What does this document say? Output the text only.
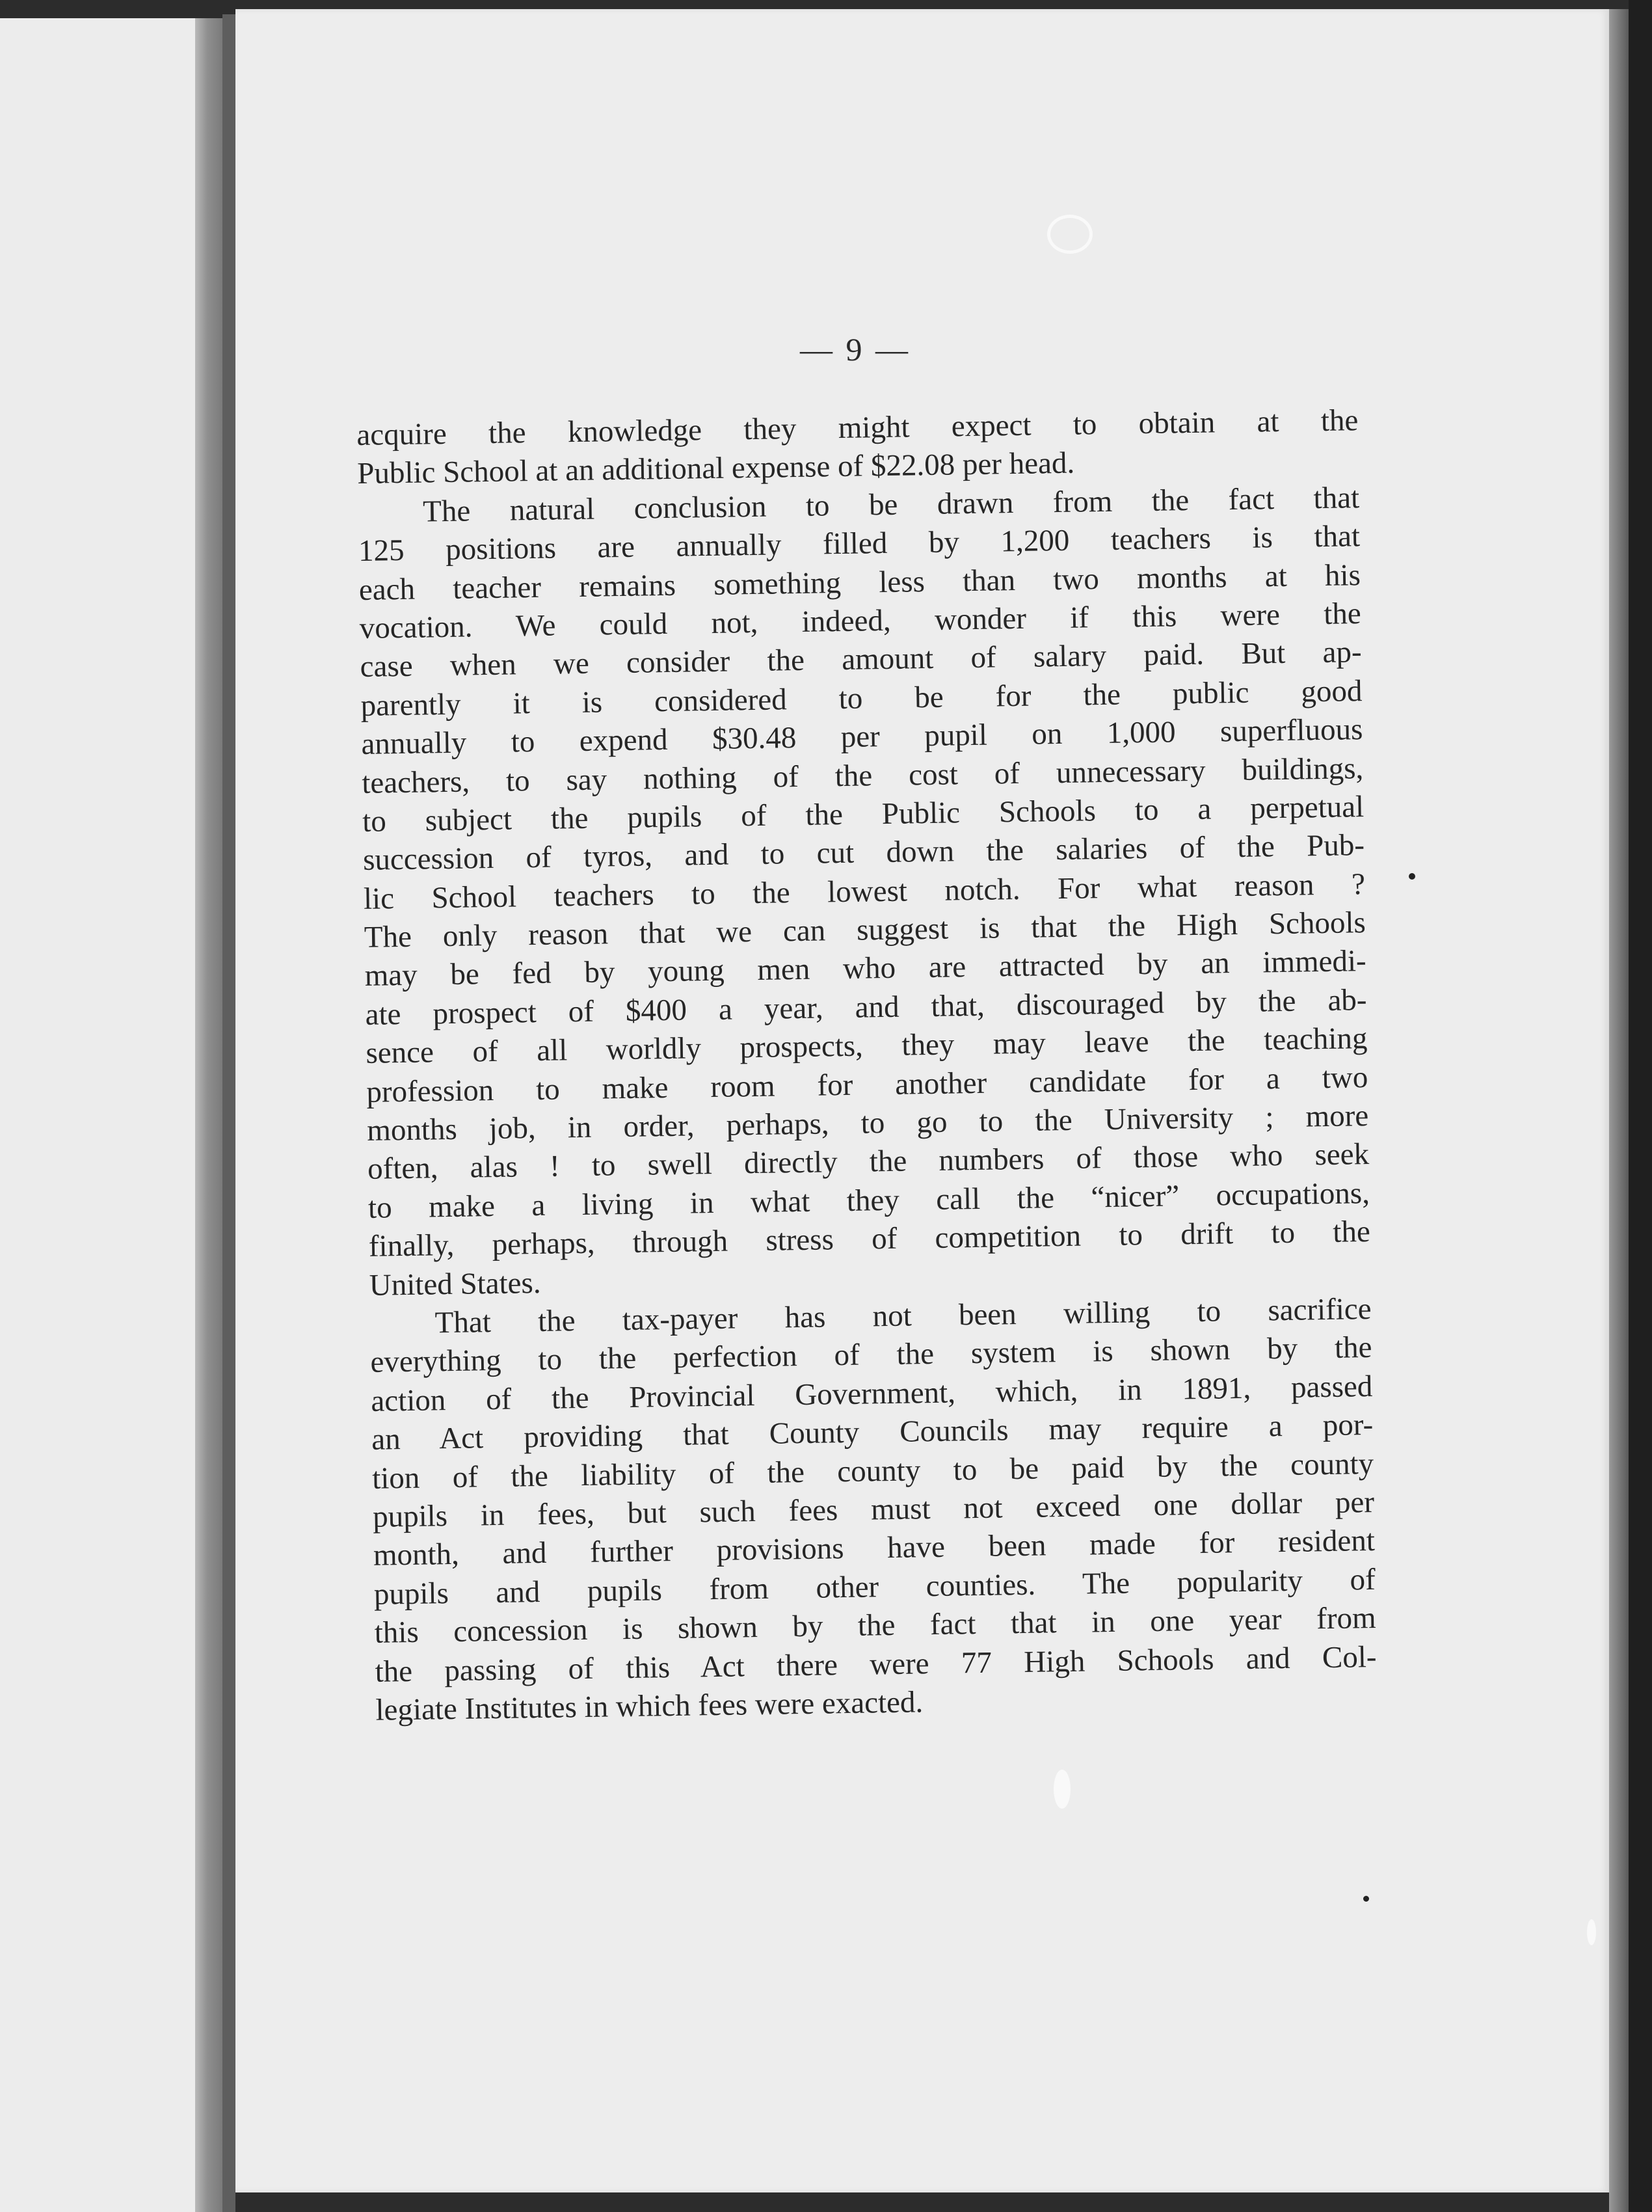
— 9 —
acquire the knowledge they might expect to obtain at the
Public School at an additional expense of $22.08 per head.
The natural conclusion to be drawn from the fact that
125 positions are annually filled by 1,200 teachers is that
each teacher remains something less than two months at his
vocation. We could not, indeed, wonder if this were the
case when we consider the amount of salary paid. But ap-
parently it is considered to be for the public good
annually to expend $30.48 per pupil on 1,000 superfluous
teachers, to say nothing of the cost of unnecessary buildings,
to subject the pupils of the Public Schools to a perpetual
succession of tyros, and to cut down the salaries of the Pub-
lic School teachers to the lowest notch. For what reason ?
The only reason that we can suggest is that the High Schools
may be fed by young men who are attracted by an immedi-
ate prospect of $400 a year, and that, discouraged by the ab-
sence of all worldly prospects, they may leave the teaching
profession to make room for another candidate for a two
months job, in order, perhaps, to go to the University ; more
often, alas ! to swell directly the numbers of those who seek
to make a living in what they call the “nicer” occupations,
finally, perhaps, through stress of competition to drift to the
United States.
That the tax-payer has not been willing to sacrifice
everything to the perfection of the system is shown by the
action of the Provincial Government, which, in 1891, passed
an Act providing that County Councils may require a por-
tion of the liability of the county to be paid by the county
pupils in fees, but such fees must not exceed one dollar per
month, and further provisions have been made for resident
pupils and pupils from other counties. The popularity of
this concession is shown by the fact that in one year from
the passing of this Act there were 77 High Schools and Col-
legiate Institutes in which fees were exacted.
